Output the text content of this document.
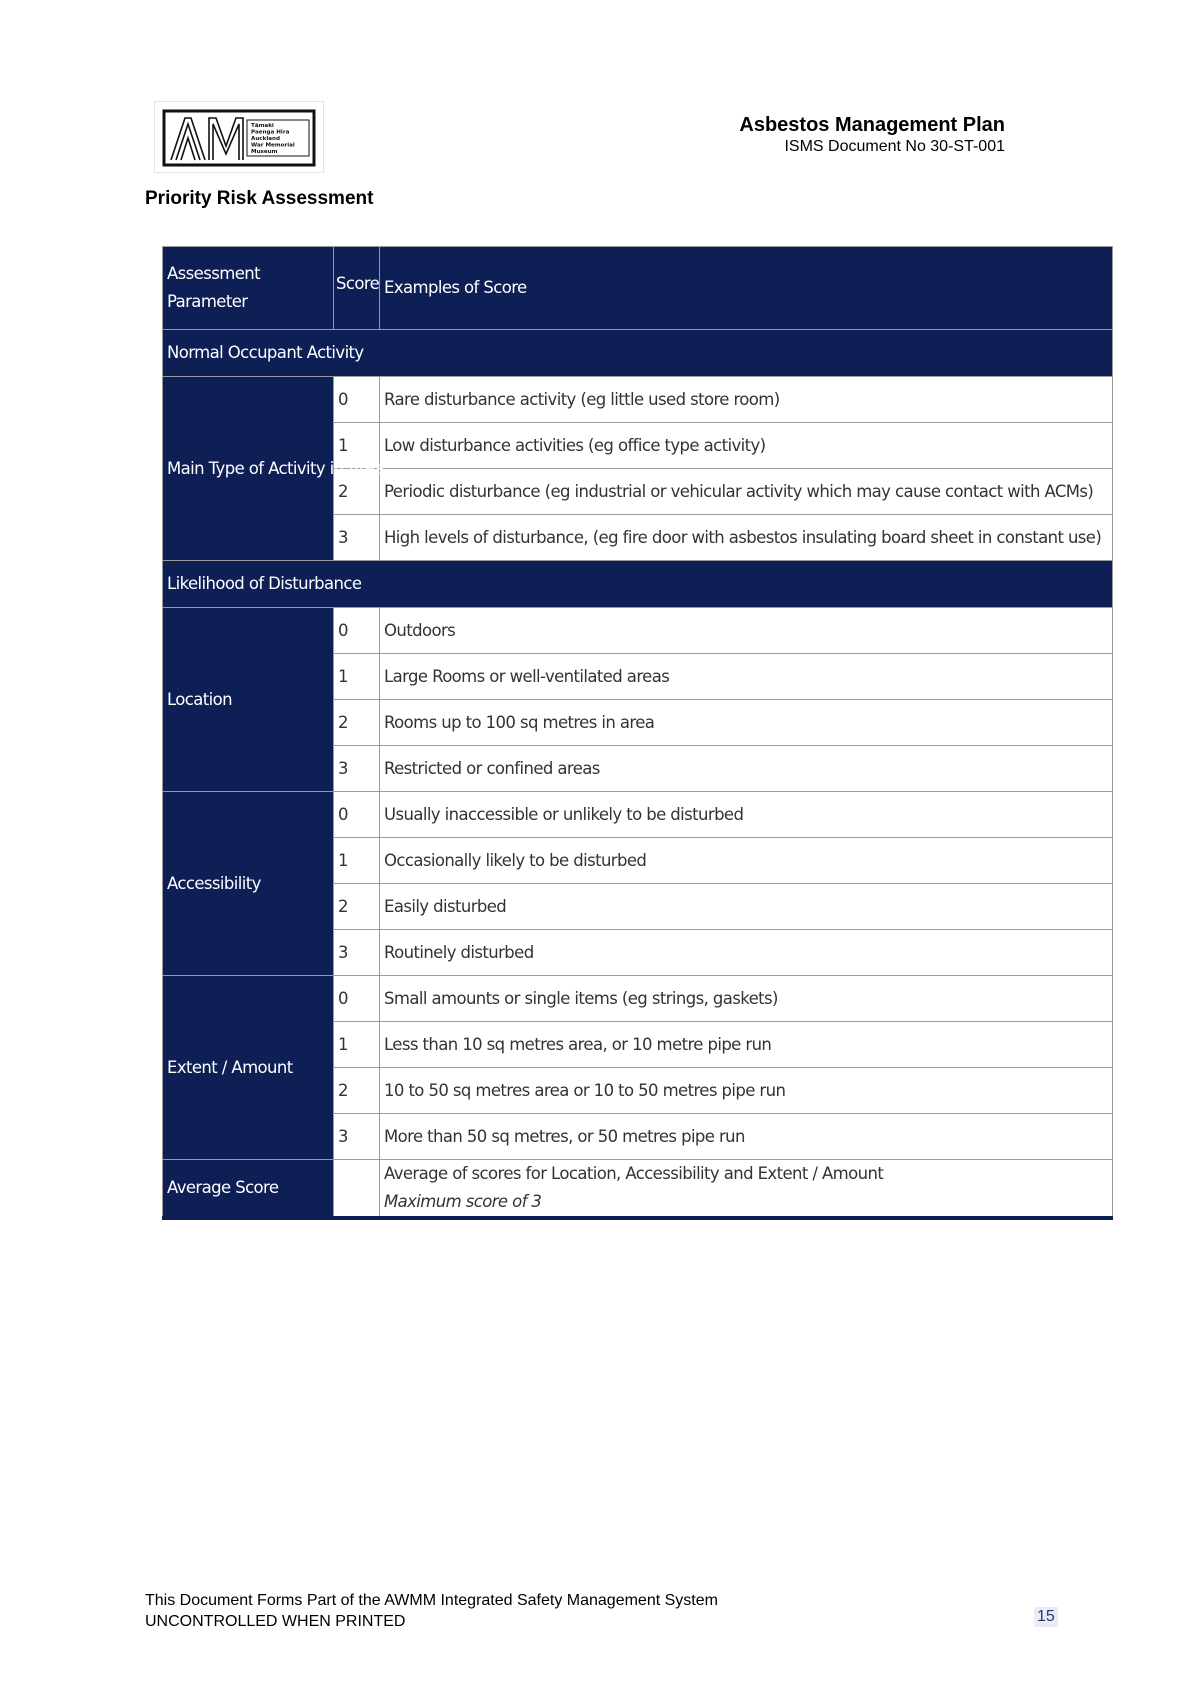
Tāmaki
Paenga Hira
Auckland
War Memorial
Museum
Asbestos Management Plan
ISMS Document No 30-ST-001
Priority Risk Assessment
Assessment Parameter	Score	Examples of Score
Normal Occupant Activity		
Main Type of Activity in Area	0	Rare disturbance activity (eg little used store room)
	1	Low disturbance activities (eg office type activity)
	2	Periodic disturbance (eg industrial or vehicular activity which may cause contact with ACMs)
	3	High levels of disturbance, (eg fire door with asbestos insulating board sheet in constant use)
Likelihood of Disturbance		
Location	0	Outdoors
	1	Large Rooms or well-ventilated areas
	2	Rooms up to 100 sq metres in area
	3	Restricted or confined areas
Accessibility	0	Usually inaccessible or unlikely to be disturbed
	1	Occasionally likely to be disturbed
	2	Easily disturbed
	3	Routinely disturbed
Extent / Amount	0	Small amounts or single items (eg strings, gaskets)
	1	Less than 10 sq metres area, or 10 metre pipe run
	2	10 to 50 sq metres area or 10 to 50 metres pipe run
	3	More than 50 sq metres, or 50 metres pipe run
Average Score		Average of scores for Location, Accessibility and Extent / Amount
Maximum score of 3
This Document Forms Part of the AWMM Integrated Safety Management System
UNCONTROLLED WHEN PRINTED	15
